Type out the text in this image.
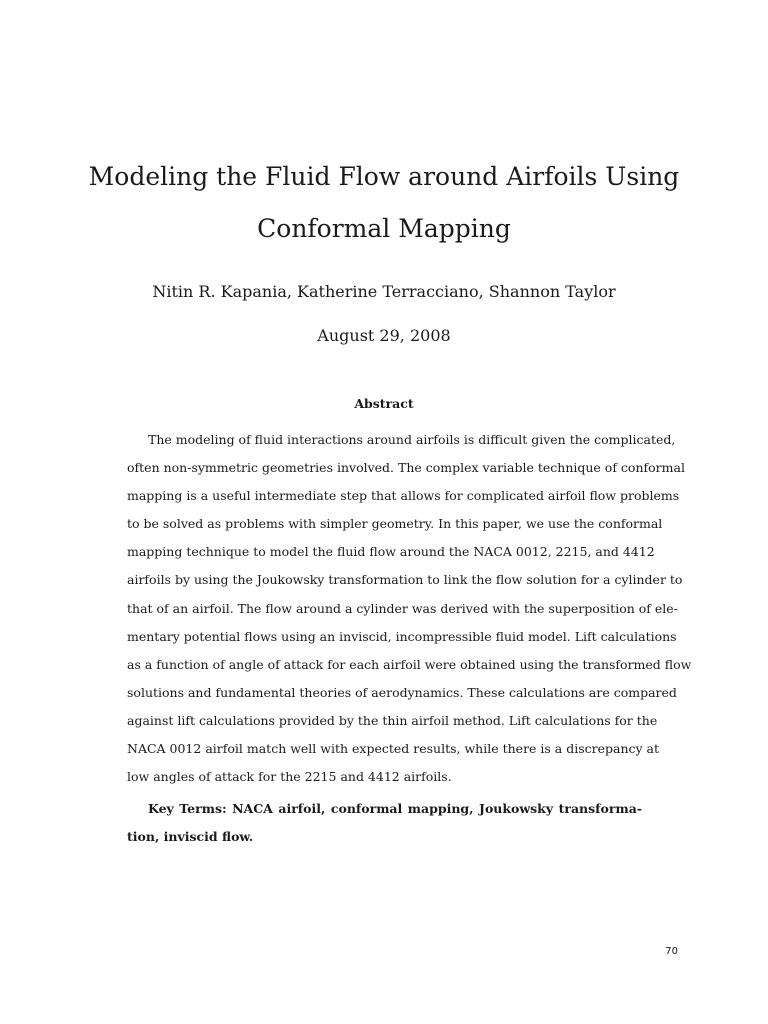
Modeling the Fluid Flow around Airfoils Using
Conformal Mapping
Nitin R. Kapania, Katherine Terracciano, Shannon Taylor
August 29, 2008
Abstract
The modeling of fluid interactions around airfoils is difficult given the complicated,
often non-symmetric geometries involved. The complex variable technique of conformal
mapping is a useful intermediate step that allows for complicated airfoil flow problems
to be solved as problems with simpler geometry. In this paper, we use the conformal
mapping technique to model the fluid flow around the NACA 0012, 2215, and 4412
airfoils by using the Joukowsky transformation to link the flow solution for a cylinder to
that of an airfoil. The flow around a cylinder was derived with the superposition of ele-
mentary potential flows using an inviscid, incompressible fluid model. Lift calculations
as a function of angle of attack for each airfoil were obtained using the transformed flow
solutions and fundamental theories of aerodynamics. These calculations are compared
against lift calculations provided by the thin airfoil method. Lift calculations for the
NACA 0012 airfoil match well with expected results, while there is a discrepancy at
low angles of attack for the 2215 and 4412 airfoils.
Key Terms: NACA airfoil, conformal mapping, Joukowsky transforma-
tion, inviscid flow.
70
